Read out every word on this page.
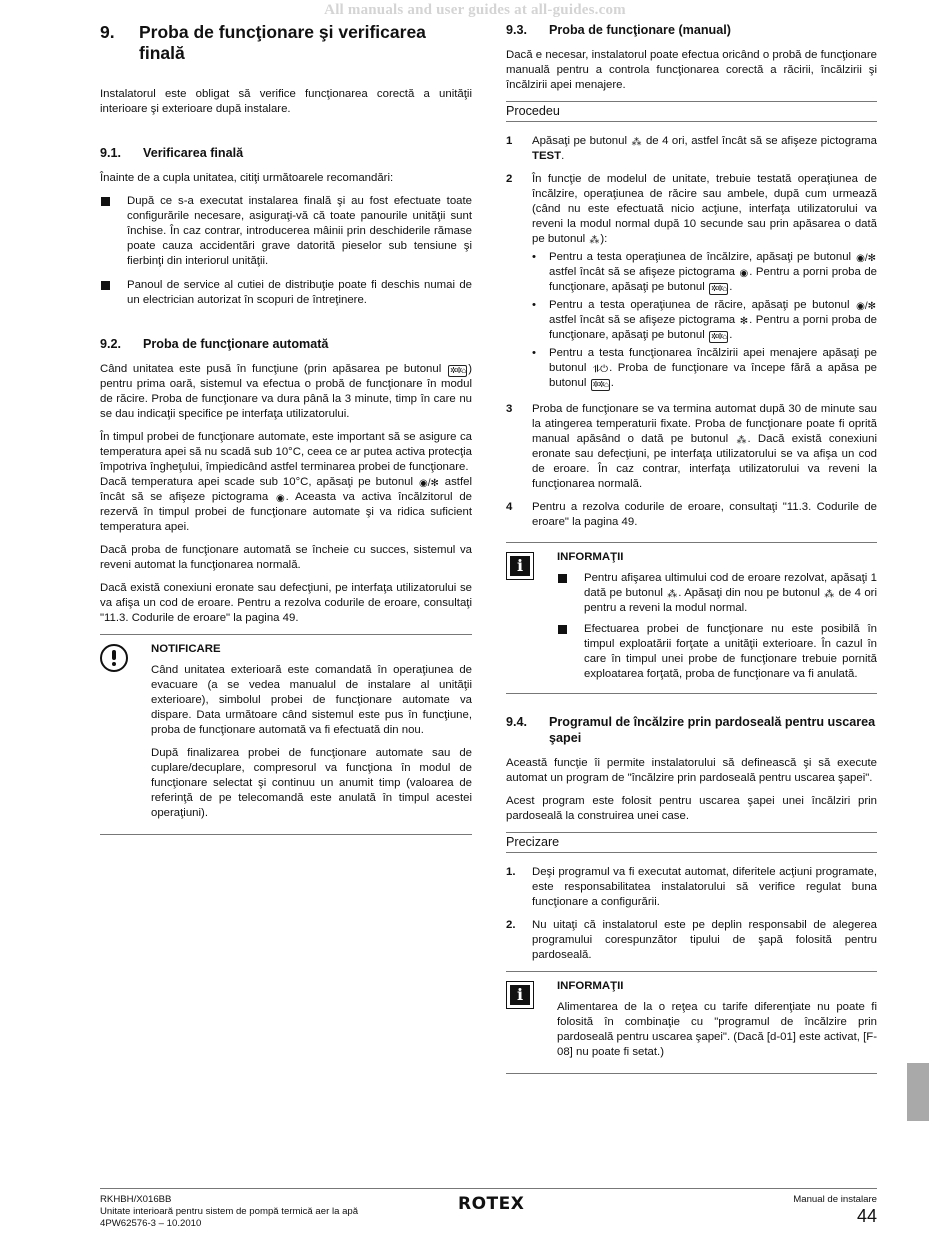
All manuals and user guides at all-guides.com
9.	Proba de funcţionare şi verificarea finală

Instalatorul este obligat să verifice funcţionarea corectă a unităţii interioare şi exterioare după instalare.

9.1.	Verificarea finală

Înainte de a cupla unitatea, citiţi următoarele recomandări:

După ce s-a executat instalarea finală şi au fost efectuate toate configurările necesare, asiguraţi-vă că toate panourile unităţii sunt închise. În caz contrar, introducerea mâinii prin deschiderile rămase poate cauza accidentări grave datorită pieselor sub tensiune şi fierbinţi din interiorul unităţii.
Panoul de service al cutiei de distribuţie poate fi deschis numai de un electrician autorizat în scopuri de întreţinere.
9.2.	Proba de funcţionare automată

Când unitatea este pusă în funcţiune (prin apăsarea pe butonul ✲✲⌂ ) pentru prima oară, sistemul va efectua o probă de funcţionare în modul de răcire. Proba de funcţionare va dura până la 3 minute, timp în care nu se dau indicaţii specifice pe interfaţa utilizatorului.

În timpul probei de funcţionare automate, este important să se asigure ca temperatura apei să nu scadă sub 10°C, ceea ce ar putea activa protecţia împotriva îngheţului, împiedicând astfel terminarea probei de funcţionare.

Dacă temperatura apei scade sub 10°C, apăsaţi pe butonul ◉/✻ astfel încât să se afişeze pictograma ◉. Aceasta va activa încălzitorul de rezervă în timpul probei de funcţionare automate şi va ridica suficient temperatura apei.

Dacă proba de funcţionare automată se încheie cu succes, sistemul va reveni automat la funcţionarea normală.

Dacă există conexiuni eronate sau defecţiuni, pe interfaţa utilizatorului se va afişa un cod de eroare. Pentru a rezolva codurile de eroare, consultaţi "11.3. Codurile de eroare" la pagina 49.

NOTIFICARE

Când unitatea exterioară este comandată în operaţiunea de evacuare (a se vedea manualul de instalare al unităţii exterioare), simbolul probei de funcţionare automate va dispare. Data următoare când sistemul este pus în funcţiune, proba de funcţionare automată va fi efectuată din nou.

După finalizarea probei de funcţionare automate sau de cuplare/decuplare, compresorul va funcţiona în modul de funcţionare selectat şi continuu un anumit timp (valoarea de referinţă de pe telecomandă este anulată în timpul acestei operaţiuni).

9.3.	Proba de funcţionare (manual)

Dacă e necesar, instalatorul poate efectua oricând o probă de funcţionare manuală pentru a controla funcţionarea corectă a răcirii, încălzirii şi încălzirii apei menajere.

Procedeu
1	Apăsaţi pe butonul ⁂ de 4 ori, astfel încât să se afişeze pictograma TEST.
2	În funcţie de modelul de unitate, trebuie testată operaţiunea de încălzire, operaţiunea de răcire sau ambele, după cum urmează (când nu este efectuată nicio acţiune, interfaţa utilizatorului va reveni la modul normal după 10 secunde sau prin apăsarea o dată pe butonul ⁂):
•	Pentru a testa operaţiunea de încălzire, apăsaţi pe butonul ◉/✻ astfel încât să se afişeze pictograma ◉. Pentru a porni proba de funcţionare, apăsaţi pe butonul ✲✲⌂ .
•	Pentru a testa operaţiunea de răcire, apăsaţi pe butonul ◉/✻ astfel încât să se afişeze pictograma ✻. Pentru a porni proba de funcţionare, apăsaţi pe butonul ✲✲⌂ .
•	Pentru a testa funcţionarea încălzirii apei menajere apăsaţi pe butonul ⥮⏻. Proba de funcţionare va începe fără a apăsa pe butonul ✲✲⌂ .
3	Proba de funcţionare se va termina automat după 30 de minute sau la atingerea temperaturii fixate. Proba de funcţionare poate fi oprită manual apăsând o dată pe butonul ⁂. Dacă există conexiuni eronate sau defecţiuni, pe interfaţa utilizatorului se va afişa un cod de eroare. În caz contrar, interfaţa utilizatorului va reveni la funcţionarea normală.
4	Pentru a rezolva codurile de eroare, consultaţi "11.3. Codurile de eroare" la pagina 49.
i	INFORMAŢII
Pentru afişarea ultimului cod de eroare rezolvat, apăsaţi 1 dată pe butonul ⁂. Apăsaţi din nou pe butonul ⁂ de 4 ori pentru a reveni la modul normal.
Efectuarea probei de funcţionare nu este posibilă în timpul exploatării forţate a unităţii exterioare. În cazul în care în timpul unei probe de funcţionare trebuie pornită exploatarea forţată, proba de funcţionare va fi anulată.
9.4.	Programul de încălzire prin pardoseală pentru uscarea şapei

Această funcţie îi permite instalatorului să definească şi să execute automat un program de "încălzire prin pardoseală pentru uscarea şapei".

Acest program este folosit pentru uscarea şapei unei încălziri prin pardoseală la construirea unei case.

Precizare
1.	Deşi programul va fi executat automat, diferitele acţiuni programate, este responsabilitatea instalatorului să verifice regulat buna funcţionare a configurării.
2.	Nu uitaţi că instalatorul este pe deplin responsabil de alegerea programului corespunzător tipului de şapă folosită pentru pardoseală.
i	INFORMAŢII

Alimentarea de la o reţea cu tarife diferenţiate nu poate fi folosită în combinaţie cu "programul de încălzire prin pardoseală pentru uscarea şapei". (Dacă [d-01] este activat, [F-08] nu poate fi setat.)

RKHBH/X016BB
Unitate interioară pentru sistem de pompă termică aer la apă
4PW62576-3 – 10.2010
ROTEX	Manual de instalare
44
